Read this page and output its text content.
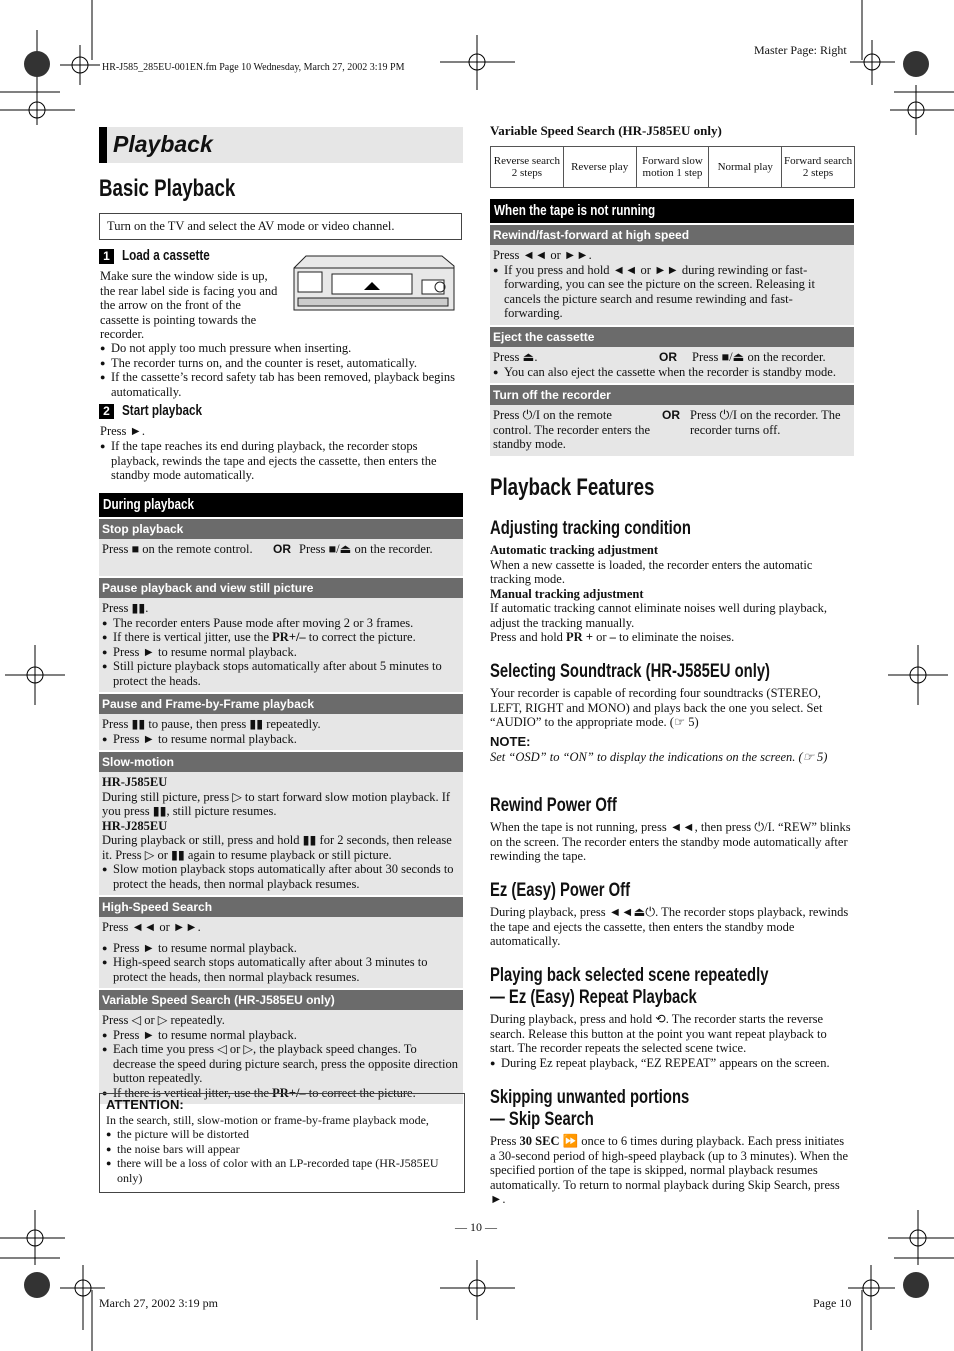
HR-J585_285EU-001EN.fm Page 10 Wednesday, March 27, 2002 3:19 PM
Master Page: Right
Playback
Basic Playback
Turn on the TV and select the AV mode or video channel.
1 Load a cassette
Make sure the window side is up, the rear label side is facing you and the arrow on the front of the cassette is pointing towards the recorder.
● Do not apply too much pressure when inserting.
● The recorder turns on, and the counter is reset, automatically.
● If the cassette’s record safety tab has been removed, playback begins automatically.
2 Start playback
Press ►.
● If the tape reaches its end during playback, the recorder stops playback, rewinds the tape and ejects the cassette, then enters the standby mode automatically.
During playback
Stop playback
Press ■ on the remote control.	OR Press ■/⏏ on the recorder.
Pause playback and view still picture
Press ▮▮.
● The recorder enters Pause mode after moving 2 or 3 frames.
● If there is vertical jitter, use the PR+/– to correct the picture.
● Press ► to resume normal playback.
● Still picture playback stops automatically after about 5 minutes to protect the heads.
Pause and Frame-by-Frame playback
Press ▮▮ to pause, then press ▮▮ repeatedly.
● Press ► to resume normal playback.
Slow-motion
HR-J585EU
During still picture, press ▷ to start forward slow motion playback. If you press ▮▮, still picture resumes.
HR-J285EU
During playback or still, press and hold ▮▮ for 2 seconds, then release it. Press ▷ or ▮▮ again to resume playback or still picture.
● Slow motion playback stops automatically after about 30 seconds to protect the heads, then normal playback resumes.
High-Speed Search
Press ◄◄ or ►►.
● Press ► to resume normal playback.
● High-speed search stops automatically after about 3 minutes to protect the heads, then normal playback resumes.
Variable Speed Search (HR-J585EU only)
Press ◁ or ▷ repeatedly.
● Press ► to resume normal playback.
● Each time you press ◁ or ▷, the playback speed changes. To decrease the speed during picture search, press the opposite direction button repeatedly.
● If there is vertical jitter, use the PR+/– to correct the picture.
ATTENTION:
In the search, still, slow-motion or frame-by-frame playback mode,
● the picture will be distorted
● the noise bars will appear
● there will be a loss of color with an LP-recorded tape (HR-J585EU only)
Variable Speed Search (HR-J585EU only)
Reverse search 2 steps	Reverse play	Forward slow motion 1 step	Normal play	Forward search 2 steps
When the tape is not running
Rewind/fast-forward at high speed
Press ◄◄ or ►►.
● If you press and hold ◄◄ or ►► during rewinding or fast-forwarding, you can see the picture on the screen. Releasing it cancels the picture search and resume rewinding and fast-forwarding.
Eject the cassette
Press ⏏.	OR Press ■/⏏ on the recorder.
● You can also eject the cassette when the recorder is standby mode.
Turn off the recorder
Press ⏻/I on the remote control. The recorder enters the standby mode.
OR Press ⏻/I on the recorder. The recorder turns off.
Playback Features
Adjusting tracking condition
Automatic tracking adjustment
When a new cassette is loaded, the recorder enters the automatic tracking mode.
Manual tracking adjustment
If automatic tracking cannot eliminate noises well during playback, adjust the tracking manually.
Press and hold PR + or – to eliminate the noises.
Selecting Soundtrack (HR-J585EU only)
Your recorder is capable of recording four soundtracks (STEREO, LEFT, RIGHT and MONO) and plays back the one you select. Set “AUDIO” to the appropriate mode. (☞ 5)
NOTE:
Set “OSD” to “ON” to display the indications on the screen. (☞ 5)
Rewind Power Off
When the tape is not running, press ◄◄, then press ⏻/I. “REW” blinks on the screen. The recorder enters the standby mode automatically after rewinding the tape.
Ez (Easy) Power Off
During playback, press ◄◄⏏⏻. The recorder stops playback, rewinds the tape and ejects the cassette, then enters the standby mode automatically.
Playing back selected scene repeatedly
— Ez (Easy) Repeat Playback
During playback, press and hold ⟲. The recorder starts the reverse search. Release this button at the point you want repeat playback to start. The recorder repeats the selected scene twice.
● During Ez repeat playback, “EZ REPEAT” appears on the screen.
Skipping unwanted portions
— Skip Search
Press 30 SEC ⏩ once to 6 times during playback. Each press initiates a 30-second period of high-speed playback (up to 3 minutes). When the specified portion of the tape is skipped, normal playback resumes automatically. To return to normal playback during Skip Search, press ►.
— 10 —
March 27, 2002 3:19 pm	Page 10
